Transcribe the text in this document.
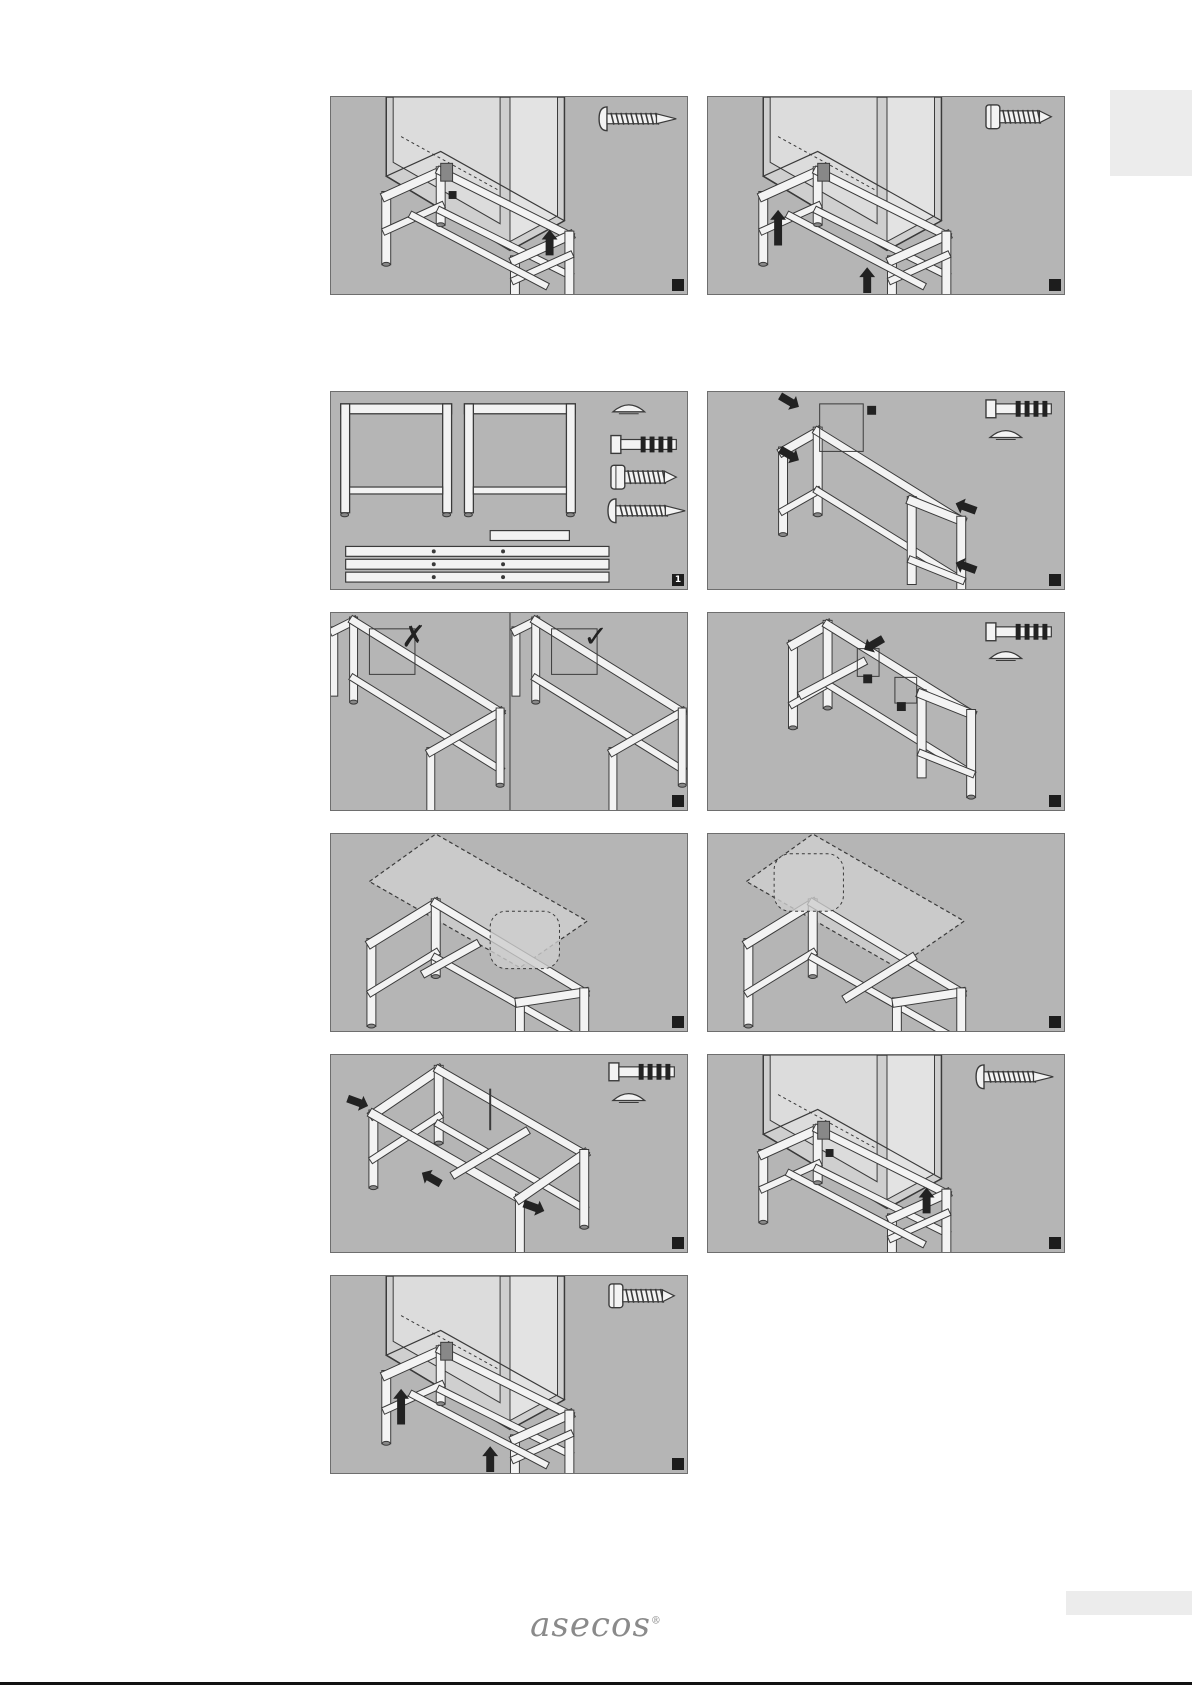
1
✗	✓
asecos®
